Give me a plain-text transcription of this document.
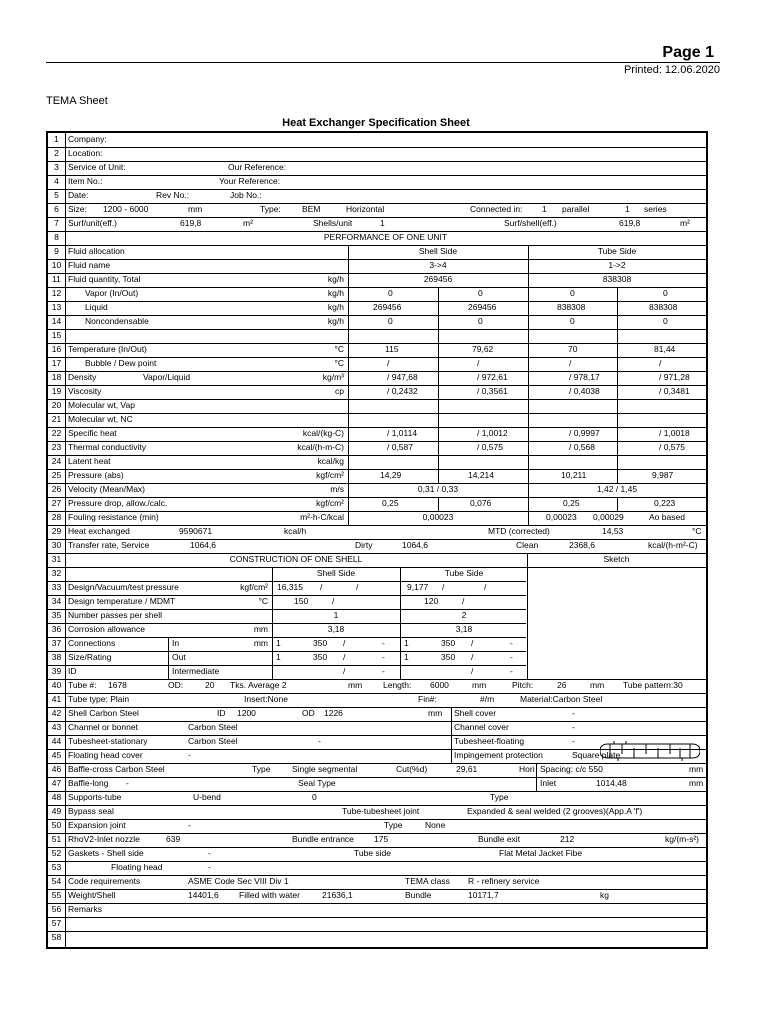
Page 1
Printed: 12.06.2020
TEMA Sheet
Heat Exchanger Specification Sheet
1	Company:
2	Location:
3	Service of Unit:	Our Reference:
4	Item No.:	Your Reference:
5	Date:	Rev No.:	Job No.:
6	Size: 1200 - 6000	mm	Type: BEM	Horizontal	Connected in: 1 parallel	1 series
7	Surf/unit(eff.)	619,8	m²	Shells/unit	1	Surf/shell(eff.)	619,8	m²
8	PERFORMANCE OF ONE UNIT
9	Fluid allocation	Shell Side	Tube Side
10 Fluid name	3->4	1->2
11 Fluid quantity, Total	kg/h	269456	838308
12	Vapor (In/Out)	kg/h	0	0	0	0
13	Liquid	kg/h	269456	269456	838308	838308
14	Noncondensable	kg/h	0	0	0	0
15
16 Temperature (In/Out)	°C	115	79,62	70	81,44
17	Bubble / Dew point	°C	/	/	/	/
18 Density	Vapor/Liquid	kg/m³	/ 947,68	/ 972,61	/ 978,17	/ 971,28
19 Viscosity	cp	/ 0,2432	/ 0,3561	/ 0,4038	/ 0,3481
20 Molecular wt, Vap
21 Molecular wt, NC
22 Specific heat	kcal/(kg-C)	/ 1,0114	/ 1,0012	/ 0,9997	/ 1,0018
23 Thermal conductivity	kcal/(h-m-C)	/ 0,587	/ 0,575	/ 0,568	/ 0,575
24 Latent heat	kcal/kg
25 Pressure (abs)	kgf/cm²	14,29	14,214	10,211	9,987
26 Velocity (Mean/Max)	m/s	0,31 / 0,33	1,42 / 1,45
27 Pressure drop, allow./calc.	kgf/cm²	0,25	0,076	0,25	0,223
28 Fouling resistance (min)	m²-h-C/kcal	0,00023	0,00023 0,00029	Ao based
29 Heat exchanged	9590671	kcal/h	MTD (corrected)	14,53	°C
30 Transfer rate, Service	1064,6	Dirty	1064,6	Clean	2368,6	kcal/(h-m²-C)
31	CONSTRUCTION OF ONE SHELL	Sketch
32	Shell Side	Tube Side
33 Design/Vacuum/test pressure	kgf/cm² 16,315 /	/	9,177 /	/
34 Design temperature / MDMT	°C	150	/	120	/
35 Number passes per shell	1	2
36 Corrosion allowance	mm	3,18	3,18
37 Connections	In	mm 1	350 /	- 1	350 /	-
38 Size/Rating	Out	1	350 /	- 1	350 /	-
39 ID	Intermediate	/	-	/	-
40 Tube #: 1678	OD:	20 Tks. Average 2	mm Length: 6000	mm	Pitch:	26	mm Tube pattern:30
41 Tube type: Plain	Insert:None	Fin#:	#/m	Material:Carbon Steel
42 Shell Carbon Steel	ID 1200	OD 1226	mm Shell cover	-
43 Channel or bonnet	Carbon Steel	Channel cover	-
44 Tubesheet-stationary	Carbon Steel	-	Tubesheet-floating	-
45 Floating head cover	-	Impingement protection	Square plate
46 Baffle-cross Carbon Steel	Type	Single segmental	Cut(%d)	29,61	Hori Spacing: c/c 550	mm
47 Baffle-long -	Seal Type	Inlet	1014,48	mm
48 Supports-tube	U-bend	0	Type
49 Bypass seal	Tube-tubesheet joint	Expanded & seal welded (2 grooves)(App.A 'f')
50 Expansion joint	-	Type	None
51 RhoV2-Inlet nozzle	639	Bundle entrance 175	Bundle exit	212	kg/(m-s²)
52 Gaskets - Shell side	-	Tube side	Flat Metal Jacket Fibe
53	Floating head	-
54 Code requirements	ASME Code Sec VIII Div 1	TEMA class R - refinery service
55 Weight/Shell	14401,6 Filled with water	21636,1	Bundle	10171,7	kg
56 Remarks
57
58
